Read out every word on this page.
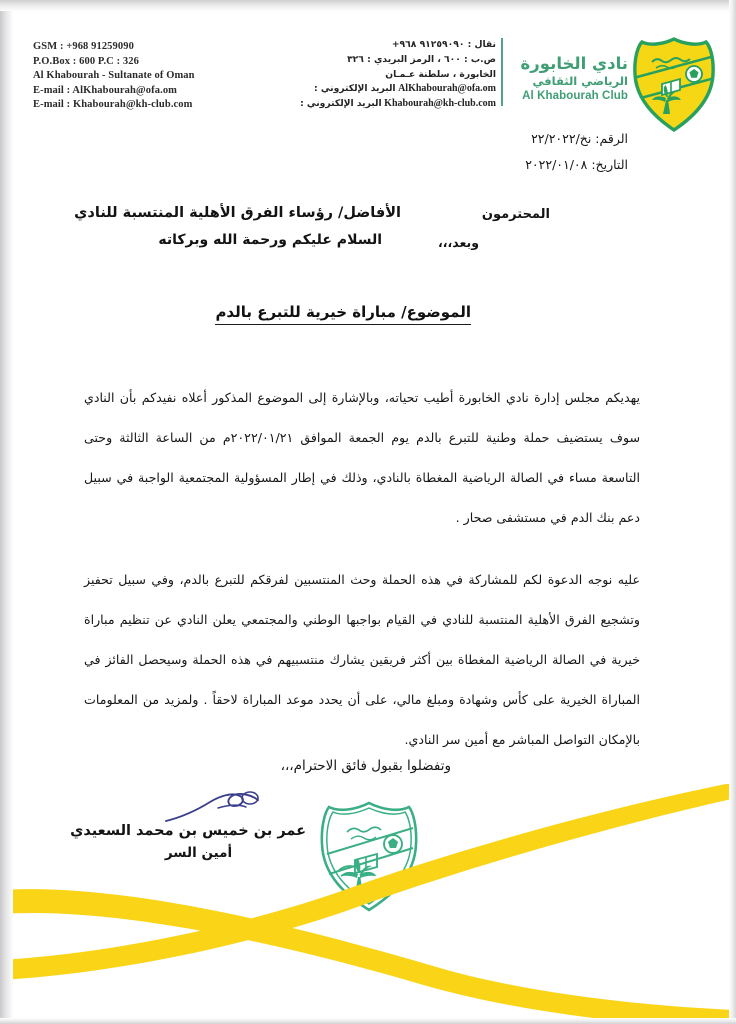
GSM : +968 91259090
P.O.Box : 600 P.C : 326
Al Khabourah - Sultanate of Oman
E-mail : AlKhabourah@ofa.om
E-mail : Khabourah@kh-club.com
نقال : ٩١٢٥٩٠٩٠ ٩٦٨+
ص.ب : ٦٠٠ ، الرمز البريدي : ٣٢٦
الخابورة ، سلطنة عـمـان
AlKhabourah@ofa.om البريد الإلكتروني :
Khabourah@kh-club.com البريد الإلكتروني :
نادي الخابورة
الرياضي الثقافي
Al Khabourah Club
الرقم: نخ/٢٢/٢٠٢٢
التاريخ: ٢٠٢٢/٠١/٠٨
الأفاضل/ رؤساء الفرق الأهلية المنتسبة للنادي	المحترمون
السلام عليكم ورحمة الله وبركاته	وبعد،،،
الموضوع/ مباراة خيرية للتبرع بالدم

يهديكم مجلس إدارة نادي الخابورة أطيب تحياته، وبالإشارة إلى الموضوع المذكور أعلاه نفيدكم بأن النادي سوف يستضيف حملة وطنية للتبرع بالدم يوم الجمعة الموافق ٢٠٢٢/٠١/٢١م من الساعة الثالثة وحتى التاسعة مساء في الصالة الرياضية المغطاة بالنادي، وذلك في إطار المسؤولية المجتمعية الواجبة في سبيل دعم بنك الدم في مستشفى صحار .

عليه نوجه الدعوة لكم للمشاركة في هذه الحملة وحث المنتسبين لفرقكم للتبرع بالدم، وفي سبيل تحفيز وتشجيع الفرق الأهلية المنتسبة للنادي في القيام بواجبها الوطني والمجتمعي يعلن النادي عن تنظيم مباراة خيرية في الصالة الرياضية المغطاة بين أكثر فريقين يشارك منتسبيهم في هذه الحملة وسيحصل الفائز في المباراة الخيرية على كأس وشهادة ومبلغ مالي، على أن يحدد موعد المباراة لاحقاً . ولمزيد من المعلومات بالإمكان التواصل المباشر مع أمين سر النادي.

وتفضلوا بقبول فائق الاحترام،،،
عمر بن خميس بن محمد السعيدي
أمين السر
